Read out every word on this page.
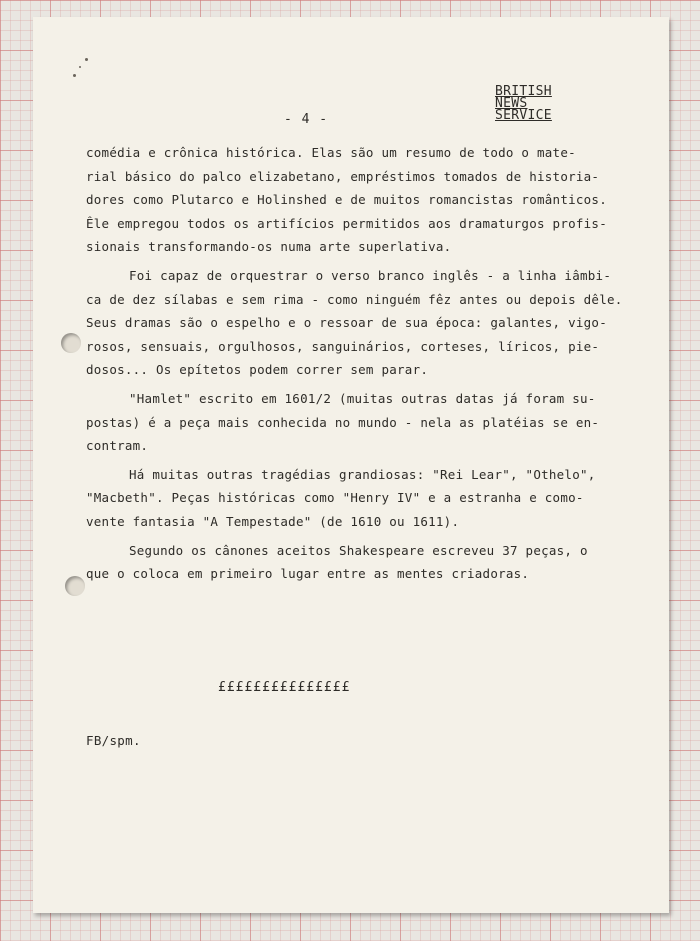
BRITISH
NEWS
SERVICE
- 4 -
comédia e crônica histórica. Elas são um resumo de todo o mate-
rial básico do palco elizabetano, empréstimos tomados de historia-
dores como Plutarco e Holinshed e de muitos romancistas românticos.
Êle empregou todos os artifícios permitidos aos dramaturgos profis-
sionais transformando-os numa arte superlativa.
Foi capaz de orquestrar o verso branco inglês - a linha iâmbi-
ca de dez sílabas e sem rima - como ninguém fêz antes ou depois dêle.
Seus dramas são o espelho e o ressoar de sua época: galantes, vigo-
rosos, sensuais, orgulhosos, sanguinários, corteses, líricos, pie-
dosos... Os epítetos podem correr sem parar.
"Hamlet" escrito em 1601/2 (muitas outras datas já foram su-
postas) é a peça mais conhecida no mundo - nela as platéias se en-
contram.
Há muitas outras tragédias grandiosas: "Rei Lear", "Othelo",
"Macbeth". Peças históricas como "Henry IV" e a estranha e como-
vente fantasia "A Tempestade" (de 1610 ou 1611).
Segundo os cânones aceitos Shakespeare escreveu 37 peças, o
que o coloca em primeiro lugar entre as mentes criadoras.
£££££££££££££££
FB/spm.
